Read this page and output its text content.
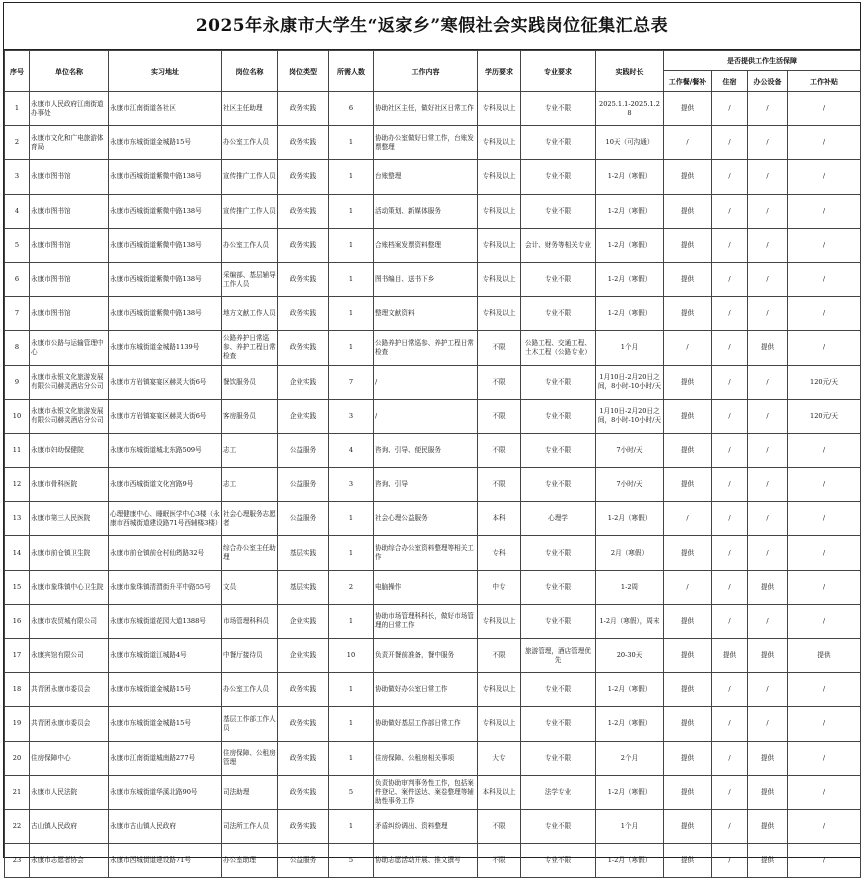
2025年永康市大学生“返家乡”寒假社会实践岗位征集汇总表
序号	单位名称	实习地址	岗位名称	岗位类型	所需人数	工作内容	学历要求	专业要求	实践时长	是否提供工作生活保障			
										工作餐/餐补	住宿	办公设备	工作补贴
1	永康市人民政府江南街道办事处	永康市江南街道各社区	社区主任助理	政务实践	6	协助社区主任，做好社区日常工作	专科及以上	专业不限	2025.1.1-2025.1.28	提供	/	/	/
2	永康市文化和广电旅游体育局	永康市东城街道金城路15号	办公室工作人员	政务实践	1	协助办公室做好日常工作，台账发票整理	专科及以上	专业不限	10天（可沟通）	/	/	/	/
3	永康市图书馆	永康市西城街道紫微中路138号	宣传推广工作人员	政务实践	1	台账整理	专科及以上	专业不限	1-2月（寒假）	提供	/	/	/
4	永康市图书馆	永康市西城街道紫微中路138号	宣传推广工作人员	政务实践	1	活动策划、新媒体服务	专科及以上	专业不限	1-2月（寒假）	提供	/	/	/
5	永康市图书馆	永康市西城街道紫微中路138号	办公室工作人员	政务实践	1	合账档案发票资料整理	专科及以上	会计、财务等相关专业	1-2月（寒假）	提供	/	/	/
6	永康市图书馆	永康市西城街道紫微中路138号	采编部、基层辅导工作人员	政务实践	1	图书编目、送书下乡	专科及以上	专业不限	1-2月（寒假）	提供	/	/	/
7	永康市图书馆	永康市西城街道紫微中路138号	地方文献工作人员	政务实践	1	整理文献资料	专科及以上	专业不限	1-2月（寒假）	提供	/	/	/
8	永康市公路与运输管理中心	永康市东城街道金城路1139号	公路养护日常巡参、养护工程日常检查	政务实践	1	公路养护日常巡参、养护工程日常检查	不限	公路工程、交通工程、土木工程（公路专业）	1个月	/	/	提供	/
9	永康市永银文化旅游发展有限公司赫灵酒店分公司	永康市方岩镇宴宴区赫灵大街6号	餐饮服务员	企业实践	7	/	不限	专业不限	1月10日-2月20日之间，8小时-10小时/天	提供	/	/	120元/天
10	永康市永银文化旅游发展有限公司赫灵酒店分公司	永康市方岩镇宴宴区赫灵大街6号	客房服务员	企业实践	3	/	不限	专业不限	1月10日-2月20日之间，8小时-10小时/天	提供	/	/	120元/天
11	永康市妇幼保健院	永康市东城街道城北东路509号	志工	公益服务	4	咨询、引导、便民服务	不限	专业不限	7小时/天	提供	/	/	/
12	永康市骨科医院	永康市西城街道文化宫路9号	志工	公益服务	3	咨询、引导	不限	专业不限	7小时/天	提供	/	/	/
13	永康市第三人民医院	心理健康中心、睡眠医学中心3楼（永康市西城街道建设路71号西辅楼3楼）	社会心理服务志愿者	公益服务	1	社会心理公益服务	本科	心理学	1-2月（寒假）	/	/	/	/
14	永康市前仓镇卫生院	永康市前仓镇前仓村仙筠路32号	综合办公室主任助理	基层实践	1	协助综合办公室资料整理等相关工作	专科	专业不限	2月（寒假）	提供	/	/	/
15	永康市象珠镇中心卫生院	永康市象珠镇清渭街升平中路55号	文员	基层实践	2	电脑操作	中专	专业不限	1-2周	/	/	提供	/
16	永康市农贸城有限公司	永康市东城街道花园大道1388号	市场管理科科员	企业实践	1	协助市场管理科科长，做好市场管理的日常工作	专科及以上	专业不限	1-2月（寒假），周末	提供	/	/	/
17	永康宾馆有限公司	永康市东城街道江城路4号	中餐厅接待员	企业实践	10	负责开餐前准备，餐中服务	不限	旅游管理，酒店管理优先	20-30天	提供	提供	提供	提供
18	共青团永康市委员会	永康市东城街道金城路15号	办公室工作人员	政务实践	1	协助做好办公室日常工作	专科及以上	专业不限	1-2月（寒假）	提供	/	/	/
19	共青团永康市委员会	永康市东城街道金城路15号	基层工作部工作人员	政务实践	1	协助做好基层工作部日常工作	专科及以上	专业不限	1-2月（寒假）	提供	/	/	/
20	住房保障中心	永康市江南街道城南路277号	住房保障、公租房管理	政务实践	1	住房保障、公租房相关事项	大专	专业不限	2个月	提供	/	提供	/
21	永康市人民法院	永康市东城街道华溪北路90号	司法助理	政务实践	5	负责协助审判事务性工作，包括案件登记、案件送达、案卷整理等辅助性事务工作	本科及以上	法学专业	1-2月（寒假）	提供	/	提供	/
22	古山镇人民政府	永康市古山镇人民政府	司法所工作人员	政务实践	1	矛盾纠纷调出、资料整理	不限	专业不限	1个月	提供	/	提供	/
23	永康市志愿者协会	永康市西城街道建设路71号	办公室助理	公益服务	5	协助志愿活动开展、推文撰写	不限	专业不限	1-2月（寒假）	提供	/	提供	/
